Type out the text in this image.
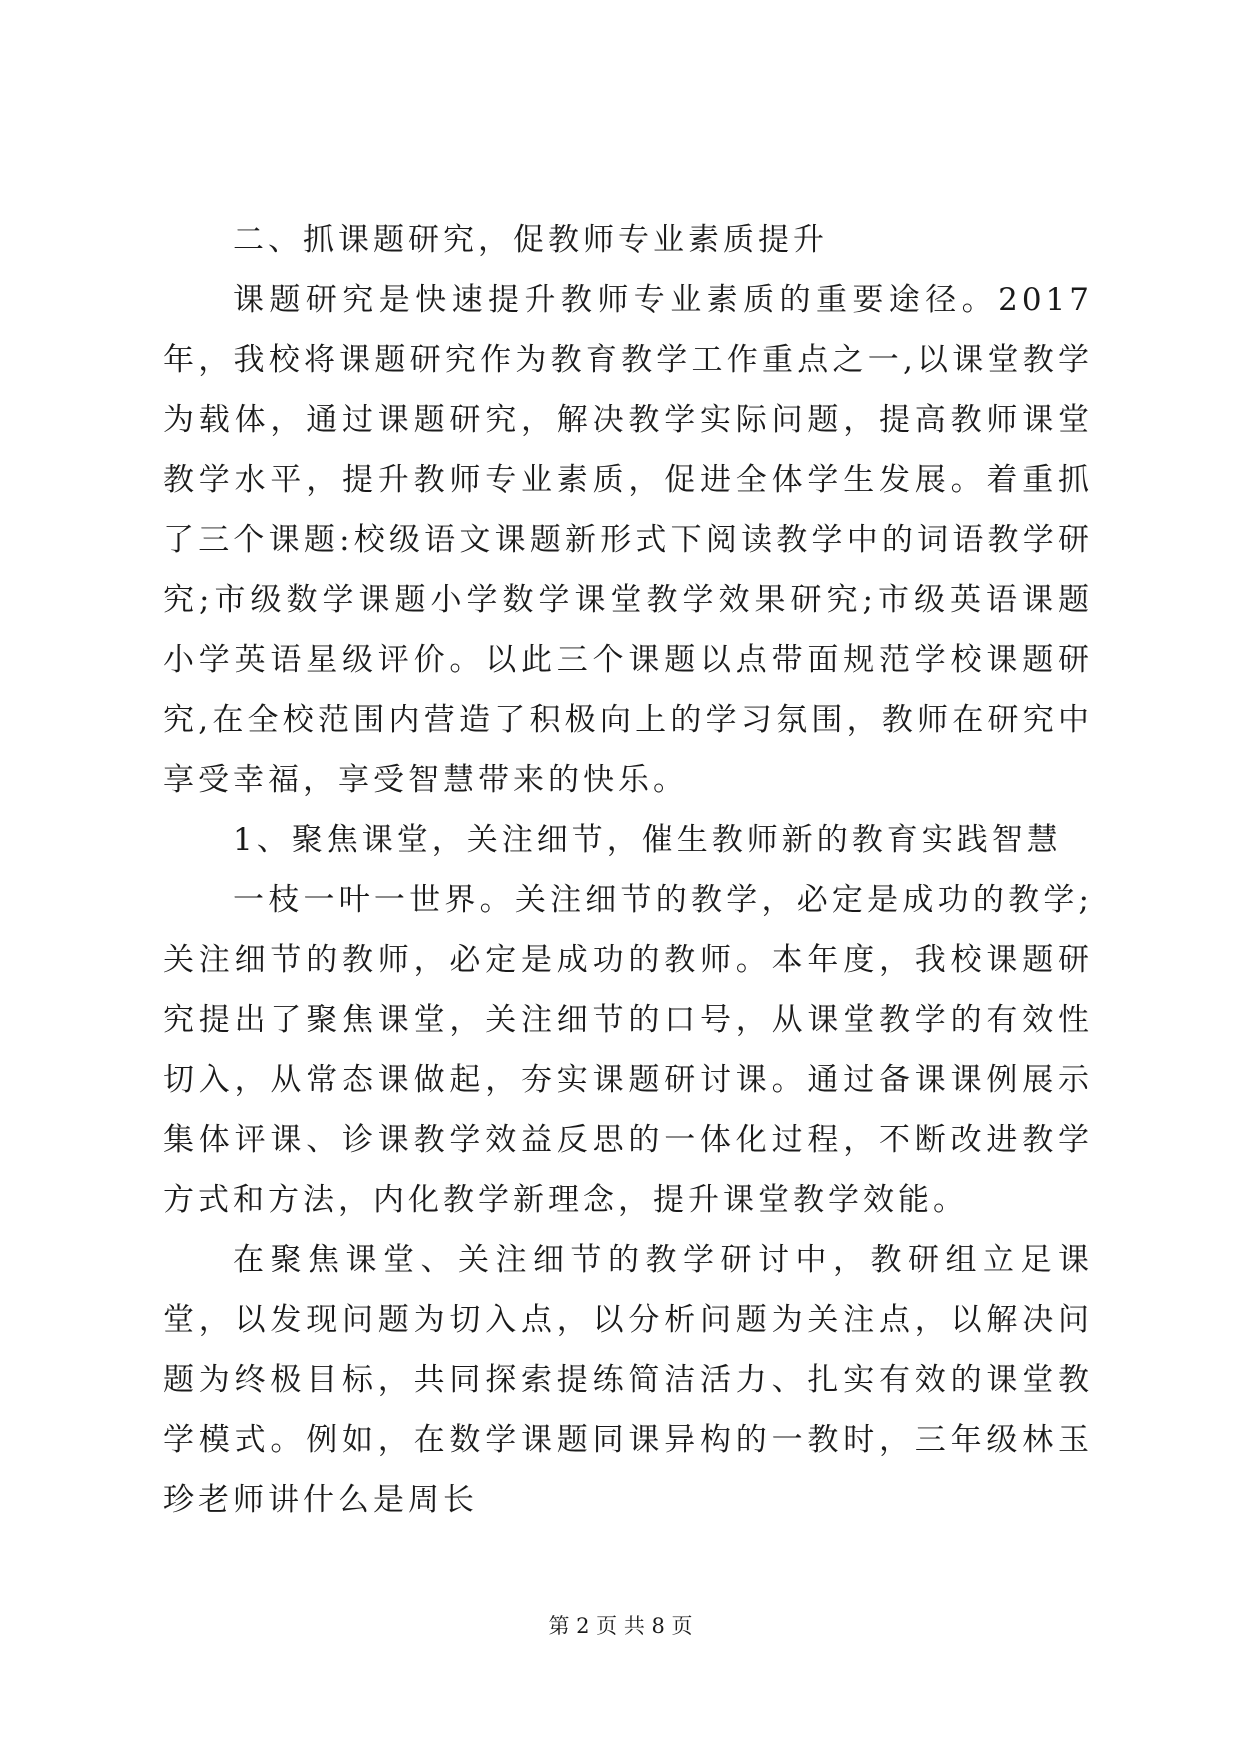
二、抓课题研究，促教师专业素质提升

课题研究是快速提升教师专业素质的重要途径。2017年，我校将课题研究作为教育教学工作重点之一,以课堂教学为载体，通过课题研究，解决教学实际问题，提高教师课堂教学水平，提升教师专业素质，促进全体学生发展。着重抓了三个课题:校级语文课题新形式下阅读教学中的词语教学研究;市级数学课题小学数学课堂教学效果研究;市级英语课题小学英语星级评价。以此三个课题以点带面规范学校课题研究,在全校范围内营造了积极向上的学习氛围，教师在研究中享受幸福，享受智慧带来的快乐。

1、聚焦课堂，关注细节，催生教师新的教育实践智慧

一枝一叶一世界。关注细节的教学，必定是成功的教学;关注细节的教师，必定是成功的教师。本年度，我校课题研究提出了聚焦课堂，关注细节的口号，从课堂教学的有效性切入，从常态课做起，夯实课题研讨课。通过备课课例展示集体评课、诊课教学效益反思的一体化过程，不断改进教学方式和方法，内化教学新理念，提升课堂教学效能。

在聚焦课堂、关注细节的教学研讨中，教研组立足课堂，以发现问题为切入点，以分析问题为关注点，以解决问题为终极目标，共同探索提练简洁活力、扎实有效的课堂教学模式。例如，在数学课题同课异构的一教时，三年级林玉珍老师讲什么是周长

第 2 页 共 8 页
